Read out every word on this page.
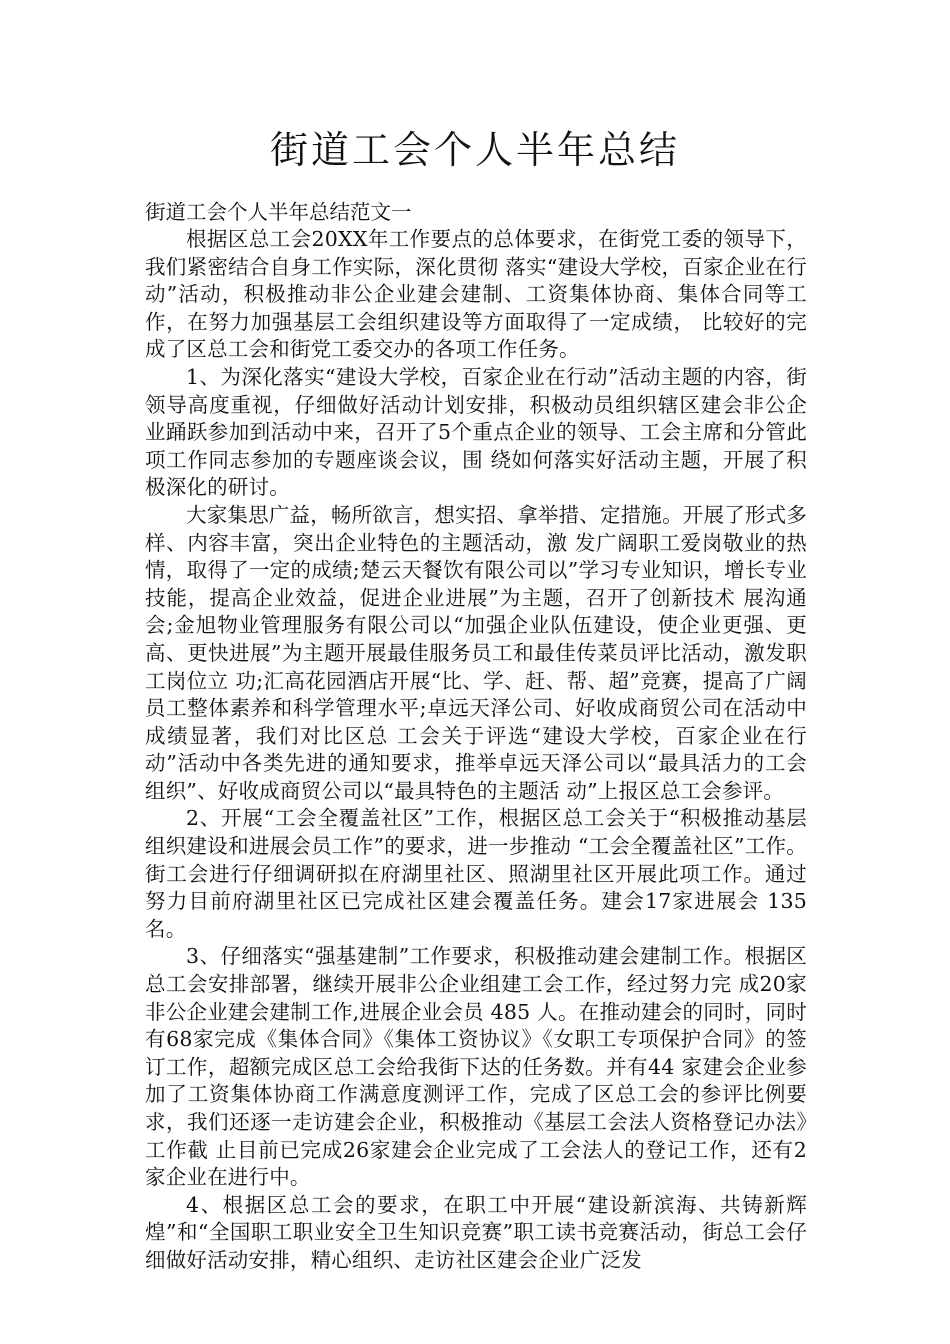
街道工会个人半年总结

街道工会个人半年总结范文一

根据区总工会20XX年工作要点的总体要求，在街党工委的领导下，我们紧密结合自身工作实际，深化贯彻 落实“建设大学校，百家企业在行动”活动，积极推动非公企业建会建制、工资集体协商、集体合同等工作，在努力加强基层工会组织建设等方面取得了一定成绩， 比较好的完成了区总工会和街党工委交办的各项工作任务。

1、为深化落实“建设大学校，百家企业在行动”活动主题的内容，街领导高度重视，仔细做好活动计划安排，积极动员组织辖区建会非公企业踊跃参加到活动中来，召开了5个重点企业的领导、工会主席和分管此项工作同志参加的专题座谈会议，围 绕如何落实好活动主题，开展了积极深化的研讨。

大家集思广益，畅所欲言，想实招、拿举措、定措施。开展了形式多样、内容丰富，突出企业特色的主题活动，激 发广阔职工爱岗敬业的热情，取得了一定的成绩;楚云天餐饮有限公司以”学习专业知识，增长专业技能，提高企业效益，促进企业进展”为主题，召开了创新技术 展沟通会;金旭物业管理服务有限公司以“加强企业队伍建设，使企业更强、更高、更快进展”为主题开展最佳服务员工和最佳传菜员评比活动，激发职工岗位立 功;汇高花园酒店开展“比、学、赶、帮、超”竞赛，提高了广阔员工整体素养和科学管理水平;卓远天泽公司、好收成商贸公司在活动中成绩显著，我们对比区总 工会关于评选“建设大学校，百家企业在行动”活动中各类先进的通知要求，推举卓远天泽公司以“最具活力的工会组织”、好收成商贸公司以“最具特色的主题活 动”上报区总工会参评。

2、开展“工会全覆盖社区”工作，根据区总工会关于“积极推动基层组织建设和进展会员工作”的要求，进一步推动 “工会全覆盖社区”工作。街工会进行仔细调研拟在府湖里社区、照湖里社区开展此项工作。通过努力目前府湖里社区已完成社区建会覆盖任务。建会17家进展会 135名。

3、仔细落实“强基建制”工作要求，积极推动建会建制工作。根据区总工会安排部署，继续开展非公企业组建工会工作，经过努力完 成20家非公企业建会建制工作,进展企业会员 485 人。在推动建会的同时，同时有68家完成《集体合同》《集体工资协议》《女职工专项保护合同》的签订工作，超额完成区总工会给我街下达的任务数。并有44 家建会企业参加了工资集体协商工作满意度测评工作，完成了区总工会的参评比例要求，我们还逐一走访建会企业，积极推动《基层工会法人资格登记办法》工作截 止目前已完成26家建会企业完成了工会法人的登记工作，还有2家企业在进行中。

4、根据区总工会的要求，在职工中开展“建设新滨海、共铸新辉煌”和“全国职工职业安全卫生知识竞赛”职工读书竞赛活动，街总工会仔细做好活动安排，精心组织、走访社区建会企业广泛发
